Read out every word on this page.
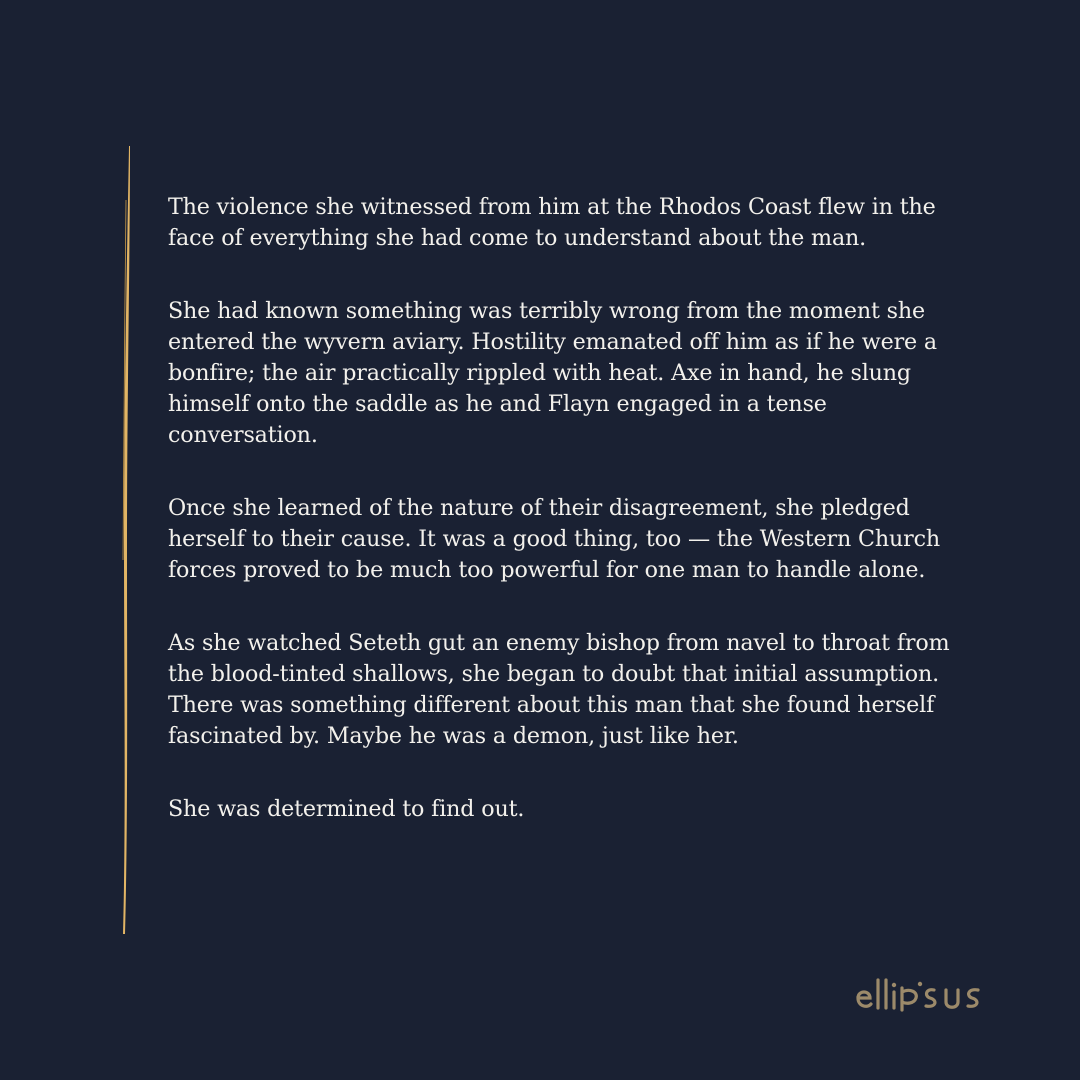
The violence she witnessed from him at the Rhodos Coast flew in the face of everything she had come to understand about the man.

She had known something was terribly wrong from the moment she entered the wyvern aviary. Hostility emanated off him as if he were a bonfire; the air practically rippled with heat. Axe in hand, he slung himself onto the saddle as he and Flayn engaged in a tense conversation.

Once she learned of the nature of their disagreement, she pledged herself to their cause. It was a good thing, too — the Western Church forces proved to be much too powerful for one man to handle alone.

As she watched Seteth gut an enemy bishop from navel to throat from the blood-tinted shallows, she began to doubt that initial assumption. There was something different about this man that she found herself fascinated by. Maybe he was a demon, just like her.

She was determined to find out.
